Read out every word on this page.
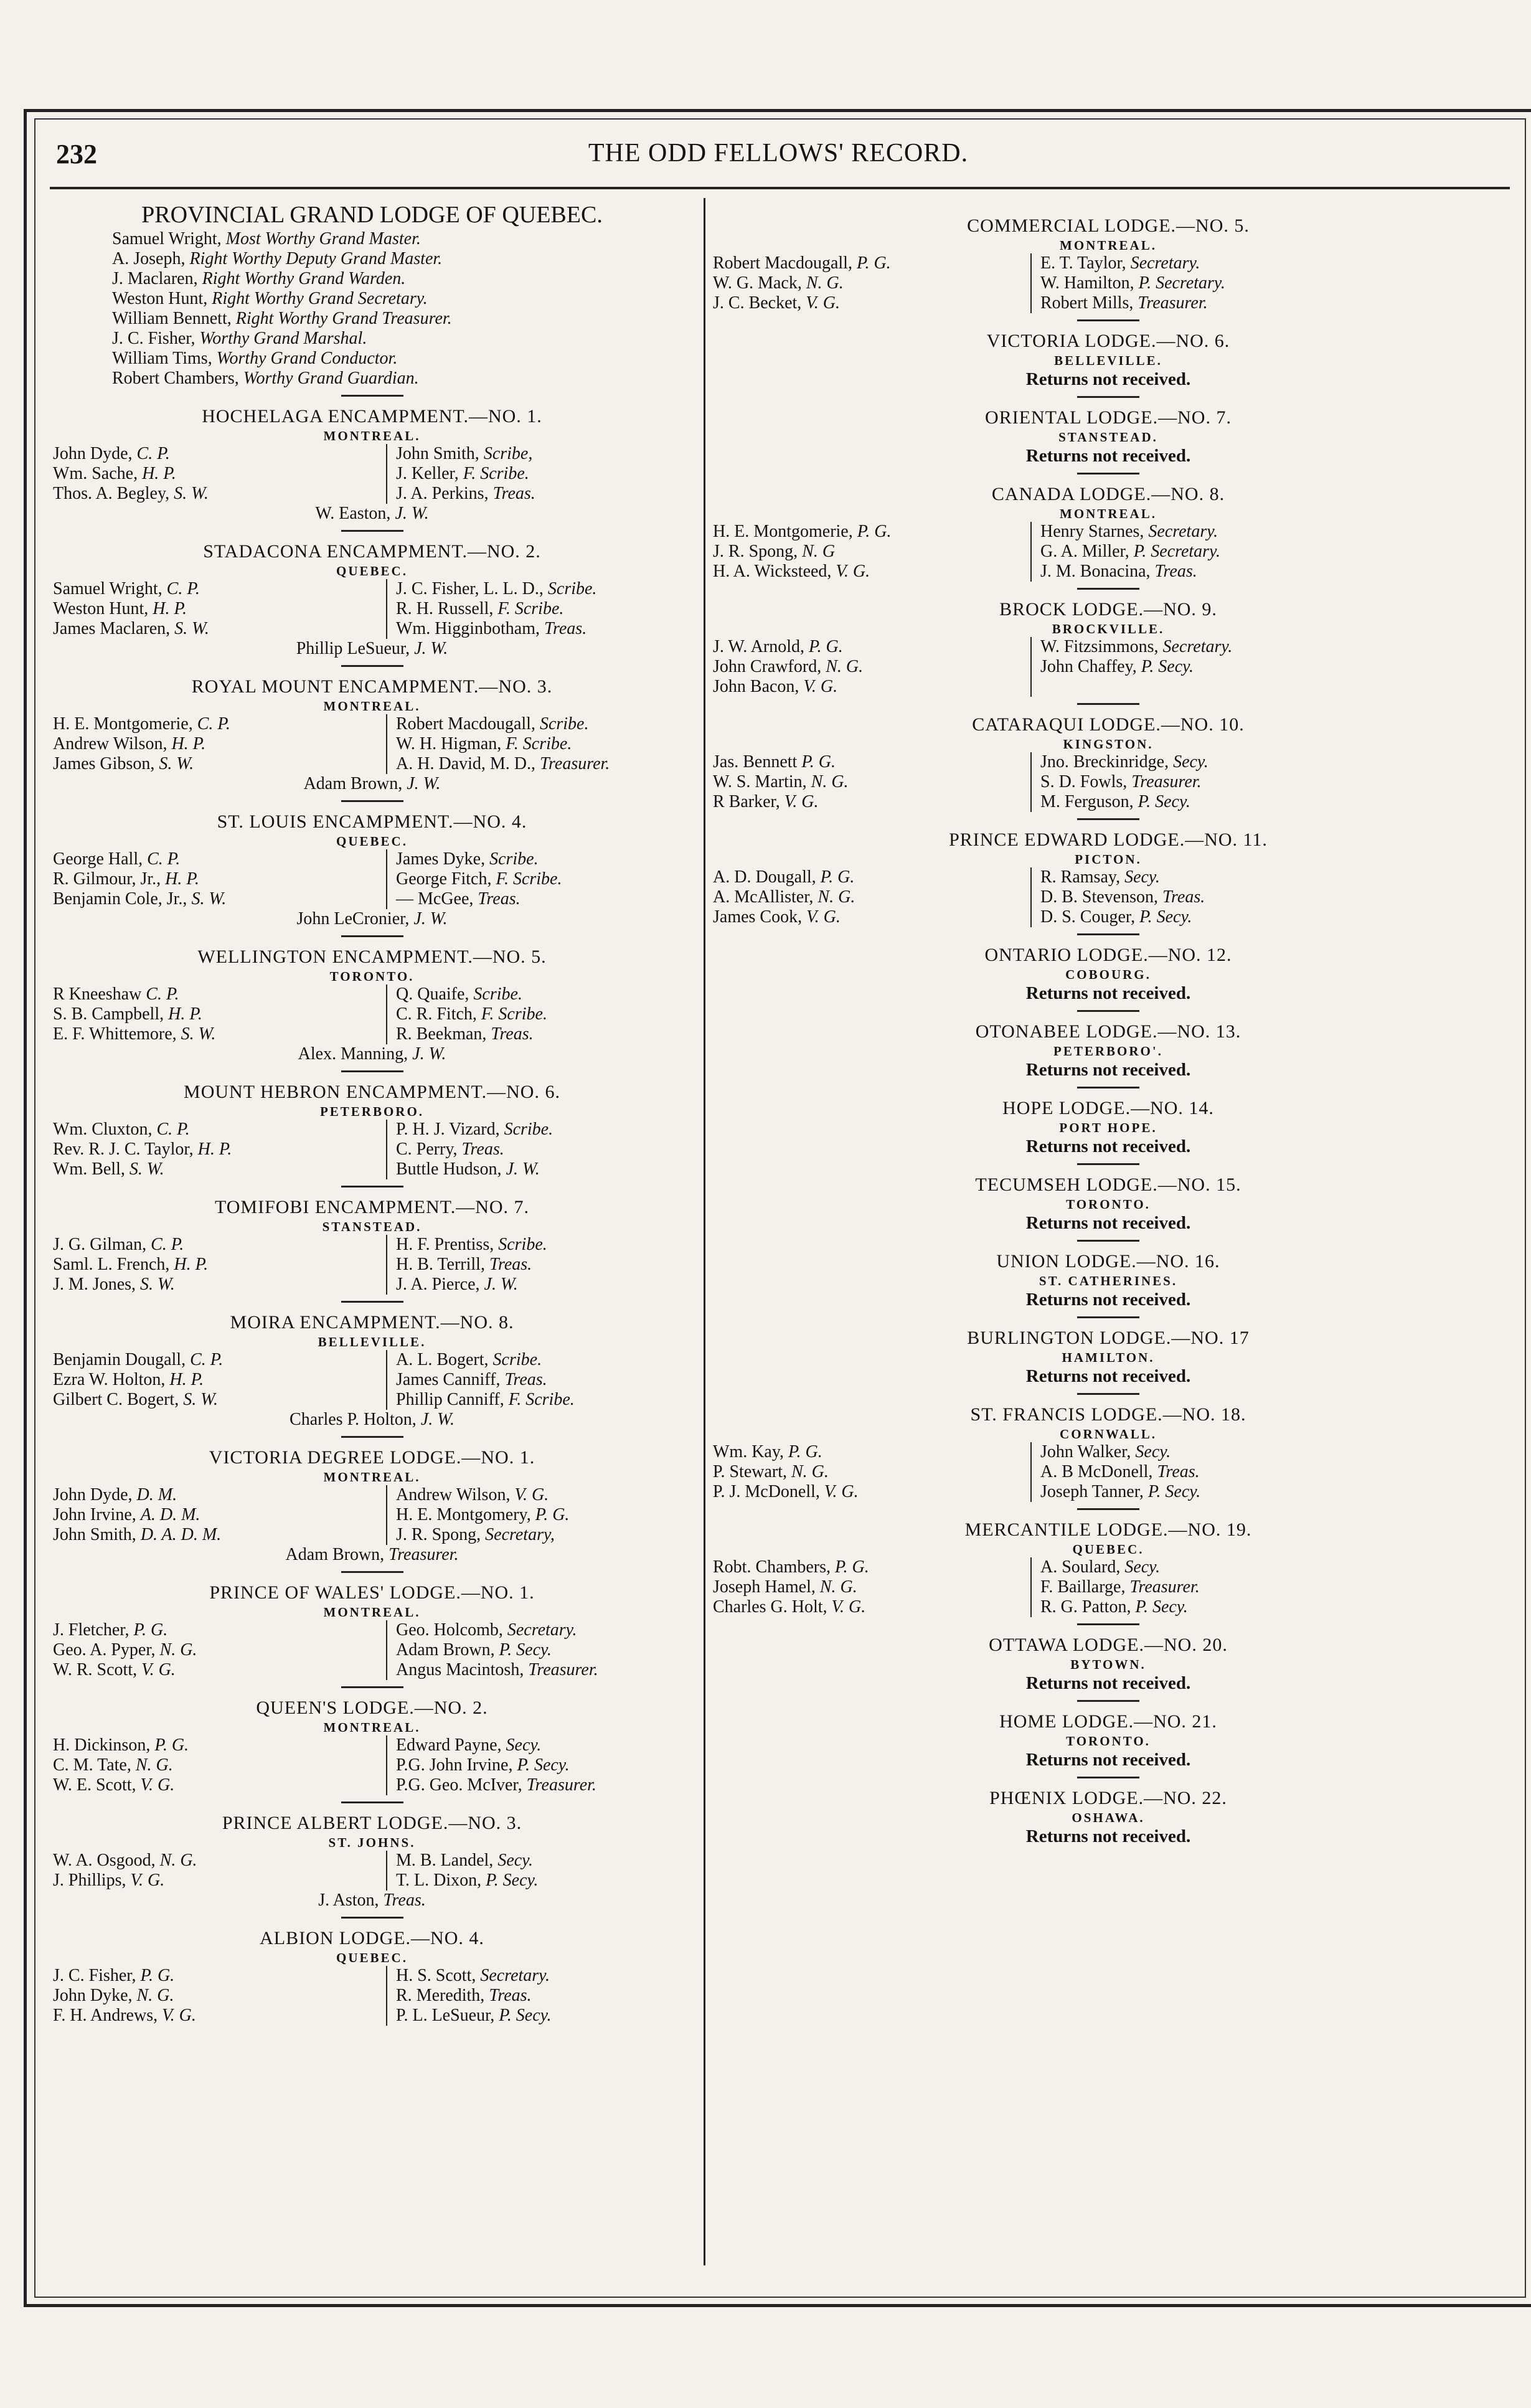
232	THE ODD FELLOWS' RECORD.
PROVINCIAL GRAND LODGE OF QUEBEC.
Samuel Wright, Most Worthy Grand Master.
A. Joseph, Right Worthy Deputy Grand Master.
J. Maclaren, Right Worthy Grand Warden.
Weston Hunt, Right Worthy Grand Secretary.
William Bennett, Right Worthy Grand Treasurer.
J. C. Fisher, Worthy Grand Marshal.
William Tims, Worthy Grand Conductor.
Robert Chambers, Worthy Grand Guardian.
HOCHELAGA ENCAMPMENT.—NO. 1.
MONTREAL.
John Dyde, C. P.
Wm. Sache, H. P.
Thos. A. Begley, S. W.
John Smith, Scribe,
J. Keller, F. Scribe.
J. A. Perkins, Treas.
W. Easton, J. W.
STADACONA ENCAMPMENT.—NO. 2.
QUEBEC.
Samuel Wright, C. P.
Weston Hunt, H. P.
James Maclaren, S. W.
J. C. Fisher, L. L. D., Scribe.
R. H. Russell, F. Scribe.
Wm. Higginbotham, Treas.
Phillip LeSueur, J. W.
ROYAL MOUNT ENCAMPMENT.—NO. 3.
MONTREAL.
H. E. Montgomerie, C. P.
Andrew Wilson, H. P.
James Gibson, S. W.
Robert Macdougall, Scribe.
W. H. Higman, F. Scribe.
A. H. David, M. D., Treasurer.
Adam Brown, J. W.
ST. LOUIS ENCAMPMENT.—NO. 4.
QUEBEC.
George Hall, C. P.
R. Gilmour, Jr., H. P.
Benjamin Cole, Jr., S. W.
James Dyke, Scribe.
George Fitch, F. Scribe.
— McGee, Treas.
John LeCronier, J. W.
WELLINGTON ENCAMPMENT.—NO. 5.
TORONTO.
R Kneeshaw C. P.
S. B. Campbell, H. P.
E. F. Whittemore, S. W.
Q. Quaife, Scribe.
C. R. Fitch, F. Scribe.
R. Beekman, Treas.
Alex. Manning, J. W.
MOUNT HEBRON ENCAMPMENT.—NO. 6.
PETERBORO.
Wm. Cluxton, C. P.
Rev. R. J. C. Taylor, H. P.
Wm. Bell, S. W.
P. H. J. Vizard, Scribe.
C. Perry, Treas.
Buttle Hudson, J. W.
TOMIFOBI ENCAMPMENT.—NO. 7.
STANSTEAD.
J. G. Gilman, C. P.
Saml. L. French, H. P.
J. M. Jones, S. W.
H. F. Prentiss, Scribe.
H. B. Terrill, Treas.
J. A. Pierce, J. W.
MOIRA ENCAMPMENT.—NO. 8.
BELLEVILLE.
Benjamin Dougall, C. P.
Ezra W. Holton, H. P.
Gilbert C. Bogert, S. W.
A. L. Bogert, Scribe.
James Canniff, Treas.
Phillip Canniff, F. Scribe.
Charles P. Holton, J. W.
VICTORIA DEGREE LODGE.—NO. 1.
MONTREAL.
John Dyde, D. M.
John Irvine, A. D. M.
John Smith, D. A. D. M.
Andrew Wilson, V. G.
H. E. Montgomery, P. G.
J. R. Spong, Secretary,
Adam Brown, Treasurer.
PRINCE OF WALES' LODGE.—NO. 1.
MONTREAL.
J. Fletcher, P. G.
Geo. A. Pyper, N. G.
W. R. Scott, V. G.
Geo. Holcomb, Secretary.
Adam Brown, P. Secy.
Angus Macintosh, Treasurer.
QUEEN'S LODGE.—NO. 2.
MONTREAL.
H. Dickinson, P. G.
C. M. Tate, N. G.
W. E. Scott, V. G.
Edward Payne, Secy.
P.G. John Irvine, P. Secy.
P.G. Geo. McIver, Treasurer.
PRINCE ALBERT LODGE.—NO. 3.
ST. JOHNS.
W. A. Osgood, N. G.
J. Phillips, V. G.
M. B. Landel, Secy.
T. L. Dixon, P. Secy.
J. Aston, Treas.
ALBION LODGE.—NO. 4.
QUEBEC.
J. C. Fisher, P. G.
John Dyke, N. G.
F. H. Andrews, V. G.
H. S. Scott, Secretary.
R. Meredith, Treas.
P. L. LeSueur, P. Secy.
COMMERCIAL LODGE.—NO. 5.
MONTREAL.
Robert Macdougall, P. G.
W. G. Mack, N. G.
J. C. Becket, V. G.
E. T. Taylor, Secretary.
W. Hamilton, P. Secretary.
Robert Mills, Treasurer.
VICTORIA LODGE.—NO. 6.
BELLEVILLE.
Returns not received.
ORIENTAL LODGE.—NO. 7.
STANSTEAD.
Returns not received.
CANADA LODGE.—NO. 8.
MONTREAL.
H. E. Montgomerie, P. G.
J. R. Spong, N. G
H. A. Wicksteed, V. G.
Henry Starnes, Secretary.
G. A. Miller, P. Secretary.
J. M. Bonacina, Treas.
BROCK LODGE.—NO. 9.
BROCKVILLE.
J. W. Arnold, P. G.
John Crawford, N. G.
John Bacon, V. G.
W. Fitzsimmons, Secretary.
John Chaffey, P. Secy.
CATARAQUI LODGE.—NO. 10.
KINGSTON.
Jas. Bennett P. G.
W. S. Martin, N. G.
R Barker, V. G.
Jno. Breckinridge, Secy.
S. D. Fowls, Treasurer.
M. Ferguson, P. Secy.
PRINCE EDWARD LODGE.—NO. 11.
PICTON.
A. D. Dougall, P. G.
A. McAllister, N. G.
James Cook, V. G.
R. Ramsay, Secy.
D. B. Stevenson, Treas.
D. S. Couger, P. Secy.
ONTARIO LODGE.—NO. 12.
COBOURG.
Returns not received.
OTONABEE LODGE.—NO. 13.
PETERBORO'.
Returns not received.
HOPE LODGE.—NO. 14.
PORT HOPE.
Returns not received.
TECUMSEH LODGE.—NO. 15.
TORONTO.
Returns not received.
UNION LODGE.—NO. 16.
ST. CATHERINES.
Returns not received.
BURLINGTON LODGE.—NO. 17
HAMILTON.
Returns not received.
ST. FRANCIS LODGE.—NO. 18.
CORNWALL.
Wm. Kay, P. G.
P. Stewart, N. G.
P. J. McDonell, V. G.
John Walker, Secy.
A. B McDonell, Treas.
Joseph Tanner, P. Secy.
MERCANTILE LODGE.—NO. 19.
QUEBEC.
Robt. Chambers, P. G.
Joseph Hamel, N. G.
Charles G. Holt, V. G.
A. Soulard, Secy.
F. Baillarge, Treasurer.
R. G. Patton, P. Secy.
OTTAWA LODGE.—NO. 20.
BYTOWN.
Returns not received.
HOME LODGE.—NO. 21.
TORONTO.
Returns not received.
PHŒNIX LODGE.—NO. 22.
OSHAWA.
Returns not received.
